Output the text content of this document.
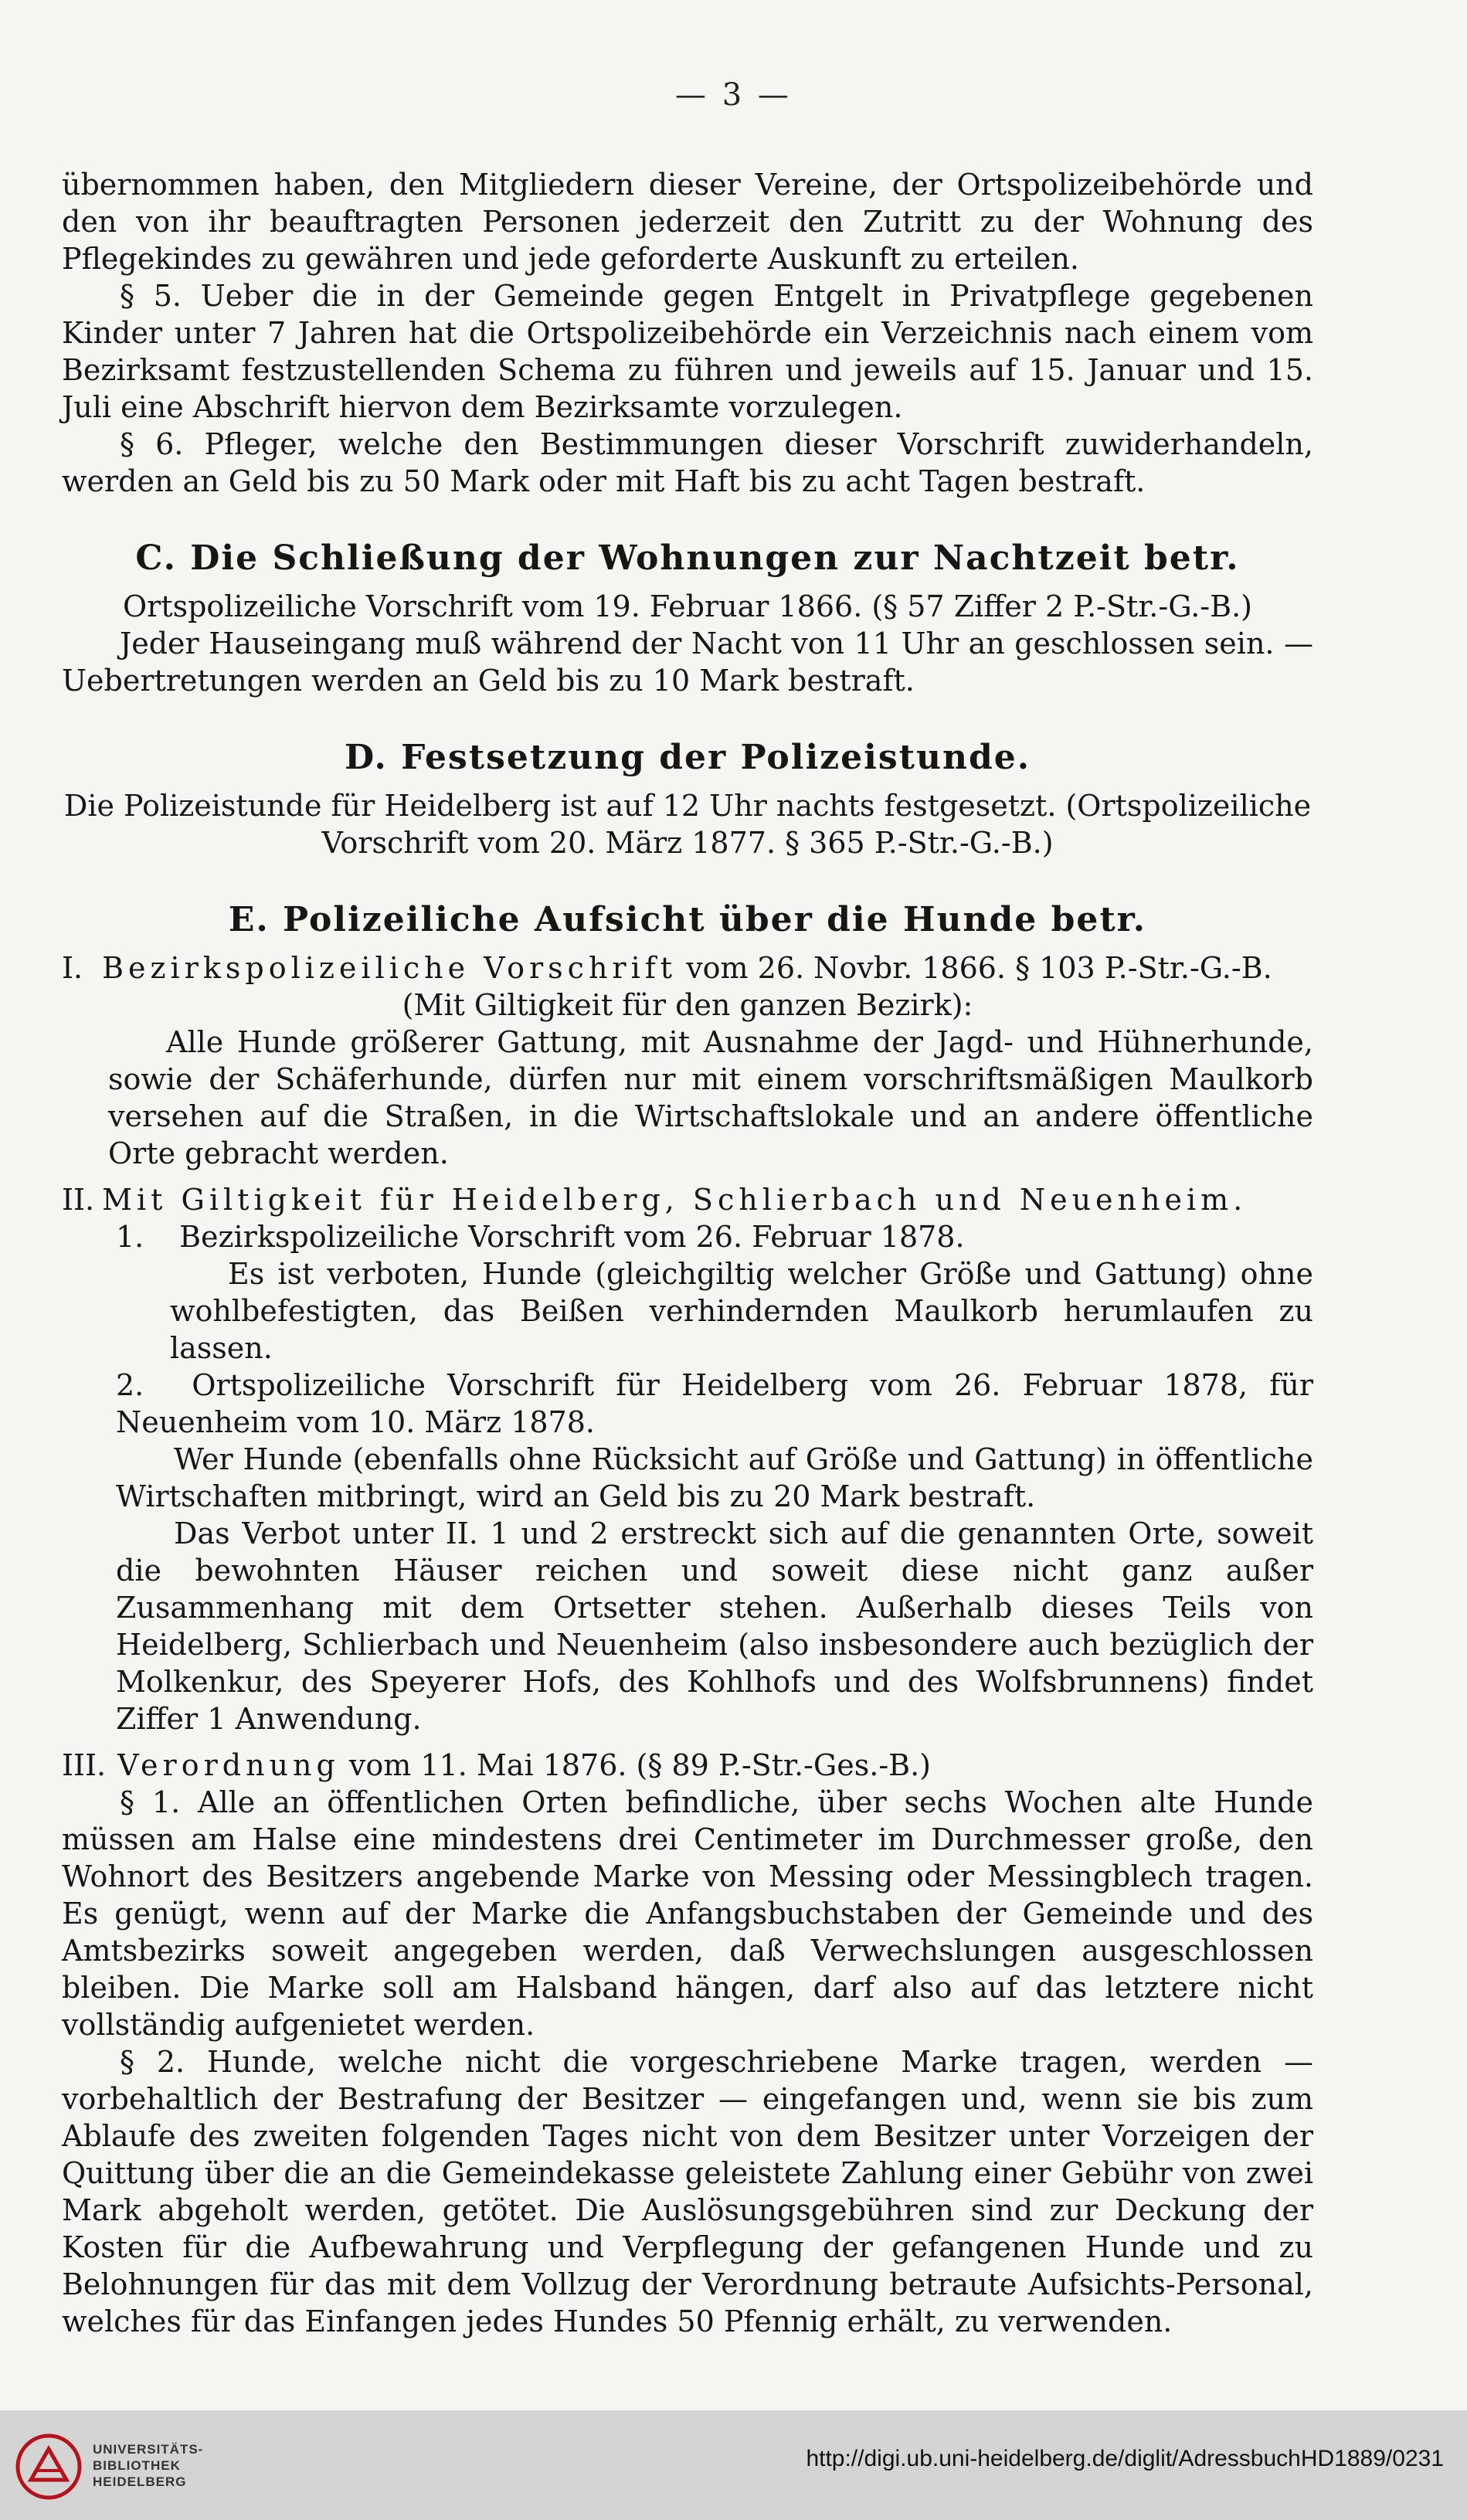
— 3 —

übernommen haben, den Mitgliedern dieser Vereine, der Ortspolizeibehörde und den von ihr beauftragten Personen jederzeit den Zutritt zu der Wohnung des Pflegekindes zu gewähren und jede geforderte Auskunft zu erteilen.

§ 5. Ueber die in der Gemeinde gegen Entgelt in Privatpflege gegebenen Kinder unter 7 Jahren hat die Ortspolizeibehörde ein Verzeichnis nach einem vom Bezirksamt festzustellenden Schema zu führen und jeweils auf 15. Januar und 15. Juli eine Abschrift hiervon dem Bezirksamte vorzulegen.

§ 6. Pfleger, welche den Bestimmungen dieser Vorschrift zuwiderhandeln, werden an Geld bis zu 50 Mark oder mit Haft bis zu acht Tagen bestraft.

C. Die Schließung der Wohnungen zur Nachtzeit betr.

Ortspolizeiliche Vorschrift vom 19. Februar 1866. (§ 57 Ziffer 2 P.-Str.-G.-B.)

Jeder Hauseingang muß während der Nacht von 11 Uhr an geschlossen sein. — Uebertretungen werden an Geld bis zu 10 Mark bestraft.

D. Festsetzung der Polizeistunde.

Die Polizeistunde für Heidelberg ist auf 12 Uhr nachts festgesetzt. (Ortspolizeiliche

Vorschrift vom 20. März 1877. § 365 P.-Str.-G.-B.)

E. Polizeiliche Aufsicht über die Hunde betr.

I. Bezirkspolizeiliche Vorschrift vom 26. Novbr. 1866. § 103 P.-Str.-G.-B.

(Mit Giltigkeit für den ganzen Bezirk):

Alle Hunde größerer Gattung, mit Ausnahme der Jagd- und Hühnerhunde, sowie der Schäferhunde, dürfen nur mit einem vorschriftsmäßigen Maulkorb versehen auf die Straßen, in die Wirtschaftslokale und an andere öffentliche Orte gebracht werden.

II. Mit Giltigkeit für Heidelberg, Schlierbach und Neuenheim.

1. Bezirkspolizeiliche Vorschrift vom 26. Februar 1878.

Es ist verboten, Hunde (gleichgiltig welcher Größe und Gattung) ohne wohlbefestigten, das Beißen verhindernden Maulkorb herumlaufen zu lassen.

2. Ortspolizeiliche Vorschrift für Heidelberg vom 26. Februar 1878, für Neuenheim vom 10. März 1878.

Wer Hunde (ebenfalls ohne Rücksicht auf Größe und Gattung) in öffentliche Wirtschaften mitbringt, wird an Geld bis zu 20 Mark bestraft.

Das Verbot unter II. 1 und 2 erstreckt sich auf die genannten Orte, soweit die bewohnten Häuser reichen und soweit diese nicht ganz außer Zusammenhang mit dem Ortsetter stehen. Außerhalb dieses Teils von Heidelberg, Schlierbach und Neuenheim (also insbesondere auch bezüglich der Molkenkur, des Speyerer Hofs, des Kohlhofs und des Wolfsbrunnens) findet Ziffer 1 Anwendung.

III. Verordnung vom 11. Mai 1876. (§ 89 P.-Str.-Ges.-B.)

§ 1. Alle an öffentlichen Orten befindliche, über sechs Wochen alte Hunde müssen am Halse eine mindestens drei Centimeter im Durchmesser große, den Wohnort des Besitzers angebende Marke von Messing oder Messingblech tragen. Es genügt, wenn auf der Marke die Anfangsbuchstaben der Gemeinde und des Amtsbezirks soweit angegeben werden, daß Verwechslungen ausgeschlossen bleiben. Die Marke soll am Halsband hängen, darf also auf das letztere nicht vollständig aufgenietet werden.

§ 2. Hunde, welche nicht die vorgeschriebene Marke tragen, werden — vorbehaltlich der Bestrafung der Besitzer — eingefangen und, wenn sie bis zum Ablaufe des zweiten folgenden Tages nicht von dem Besitzer unter Vorzeigen der Quittung über die an die Gemeindekasse geleistete Zahlung einer Gebühr von zwei Mark abgeholt werden, getötet. Die Auslösungsgebühren sind zur Deckung der Kosten für die Aufbewahrung und Verpflegung der gefangenen Hunde und zu Belohnungen für das mit dem Vollzug der Verordnung betraute Aufsichts-Personal, welches für das Einfangen jedes Hundes 50 Pfennig erhält, zu verwenden.

UNIVERSITÄTS-
BIBLIOTHEK
HEIDELBERG
http://digi.ub.uni-heidelberg.de/diglit/AdressbuchHD1889/0231
